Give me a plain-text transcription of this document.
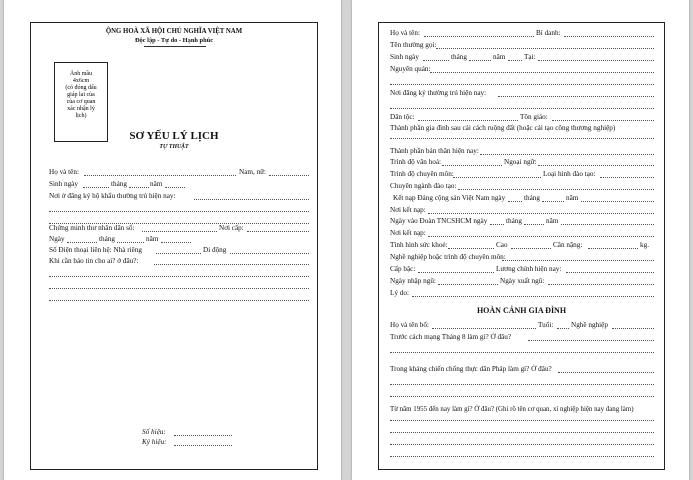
ỘNG HOÀ XÃ HỘI CHỦ NGHĨA VIỆT NAM
Độc lập - Tự do - Hạnh phúc
Ảnh mầu
4x6cm
(có đóng dấu
giáp lai của
của cơ quan
xác nhận lý
lịch)
SƠ YẾU LÝ LỊCH
TỰ THUẬT
Họ và tên:	Nam, nữ:
Sinh ngày	tháng	năm
Nơi ở đăng ký hộ khẩu thường trú hiện nay:
Chứng minh thư nhân dân số:	Nơi cấp:
Ngày	tháng	năm
Số Điện thoại liên hệ: Nhà riêng	Di động
Khi cần báo tin cho ai? ở đâu?:
Số hiệu:
Ký hiệu:
Họ và tên:	Bí danh:
Tên thường gọi:
Sinh ngày	tháng	năm	Tại:
Nguyên quán:
Nơi đăng ký thường trú hiện nay:
Dân tộc:	Tôn giáo:
Thành phần gia đình sau cải cách ruộng đất (hoặc cải tạo công thương nghiệp)
Thành phần bản thân hiện nay:
Trình độ văn hoá:	Ngoại ngữ:
Trình độ chuyên môn:	Loại hình đào tạo:
Chuyên ngành đào tạo:
Kết nạp Đảng cộng sản Việt Nam ngày	tháng	năm
Nơi kết nạp:
Ngày vào Đoàn TNCSHCM ngày	tháng	năm
Nơi kết nạp:
Tình hình sức khoẻ:	Cao	Cân nặng:	kg.
Nghề nghiệp hoặc trình độ chuyên môn:
Cấp bậc:	Lương chính hiện nay:
Ngày nhập ngũ:	Ngày xuất ngũ:
Lý do:
HOÀN CẢNH GIA ĐÌNH
Họ và tên bố:	Tuổi: Nghề nghiệp
Trước cách mạng Tháng 8 làm gì? Ở đâu?
Trong kháng chiến chống thực dân Pháp làm gì? Ở đâu?
Từ năm 1955 đến nay làm gì? Ở đâu? (Ghi rõ tên cơ quan, xí nghiệp hiện nay đang làm)
